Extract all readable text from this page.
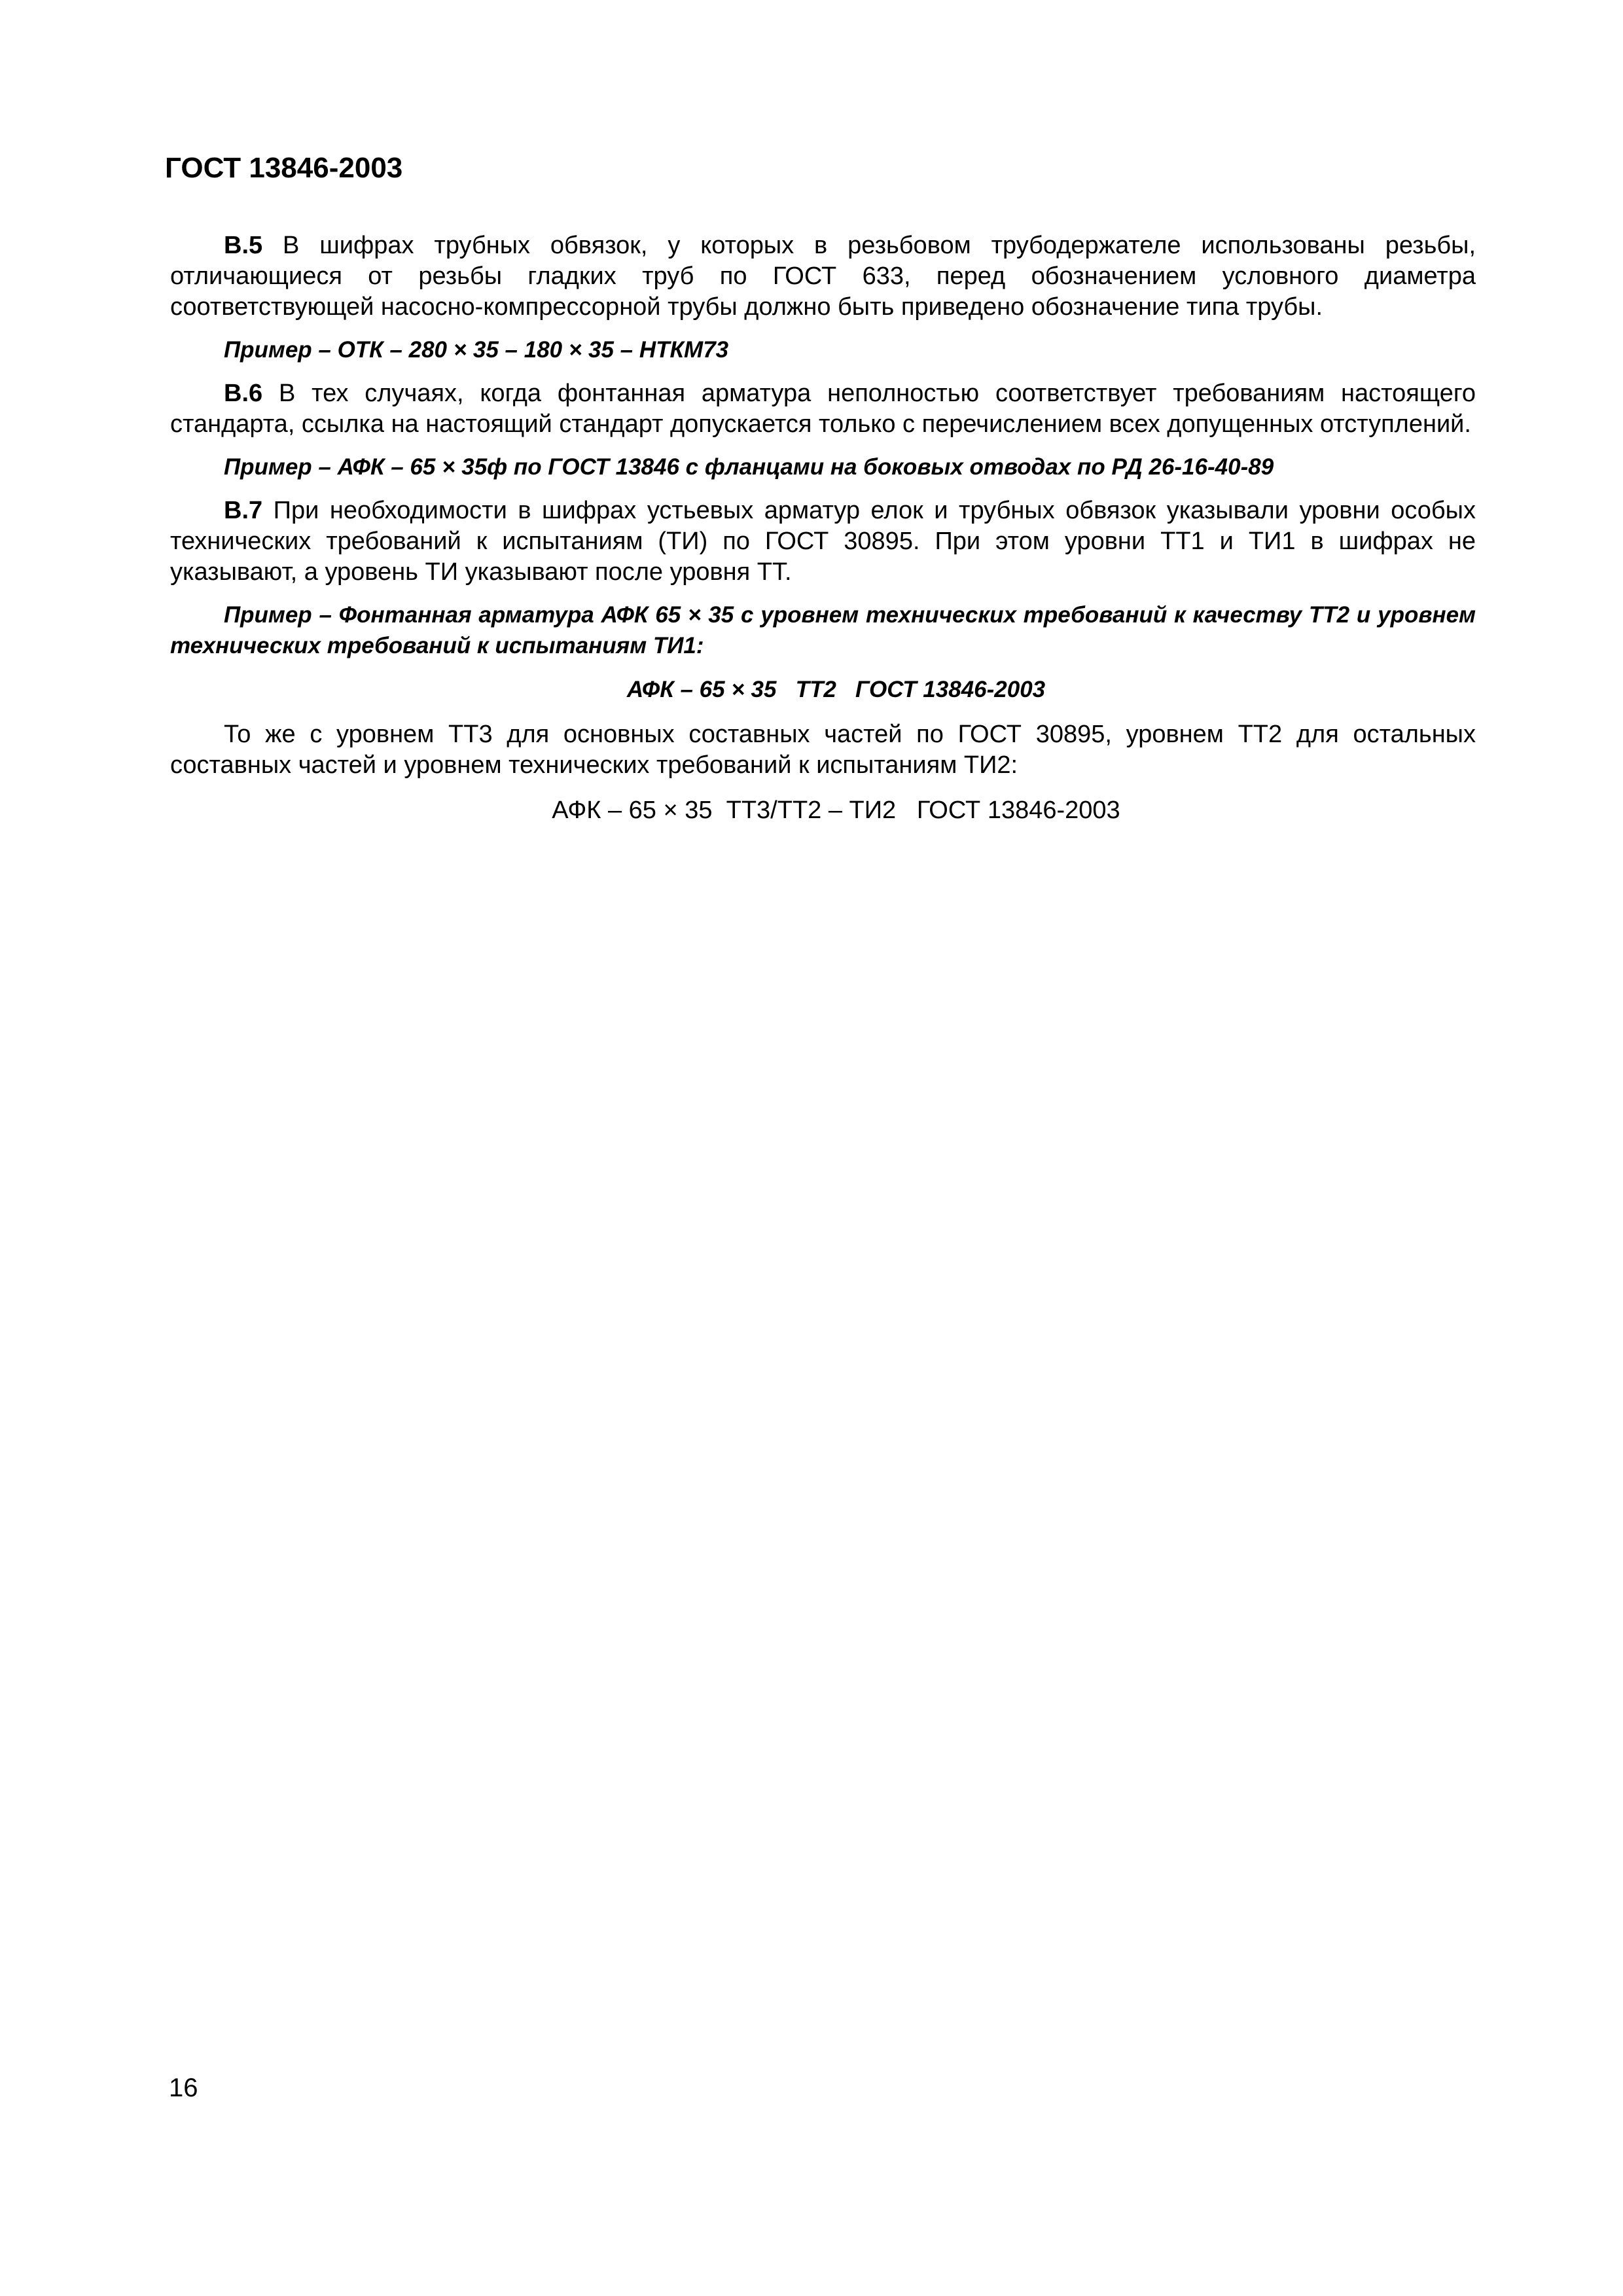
ГОСТ 13846-2003

В.5 В шифрах трубных обвязок, у которых в резьбовом трубодержателе использованы резьбы, отличающиеся от резьбы гладких труб по ГОСТ 633, перед обозначением условного диаметра соответствующей насосно-компрессорной трубы должно быть приведено обозначение типа трубы.

Пример – ОТК – 280 × 35 – 180 × 35 – НТКМ73

В.6 В тех случаях, когда фонтанная арматура неполностью соответствует требованиям настоящего стандарта, ссылка на настоящий стандарт допускается только с перечислением всех допущенных отступлений.

Пример – АФК – 65 × 35ф по ГОСТ 13846 с фланцами на боковых отводах по РД 26-16-40-89

В.7 При необходимости в шифрах устьевых арматур елок и трубных обвязок указывали уровни особых технических требований к испытаниям (ТИ) по ГОСТ 30895. При этом уровни ТТ1 и ТИ1 в шифрах не указывают, а уровень ТИ указывают после уровня ТТ.

Пример – Фонтанная арматура АФК 65 × 35 с уровнем технических требований к качеству ТТ2 и уровнем технических требований к испытаниям ТИ1:

АФК – 65 × 35   ТТ2   ГОСТ 13846-2003

То же с уровнем ТТ3 для основных составных частей по ГОСТ 30895, уровнем ТТ2 для остальных составных частей и уровнем технических требований к испытаниям ТИ2:

АФК – 65 × 35  ТТ3/ТТ2 – ТИ2   ГОСТ 13846-2003

16
